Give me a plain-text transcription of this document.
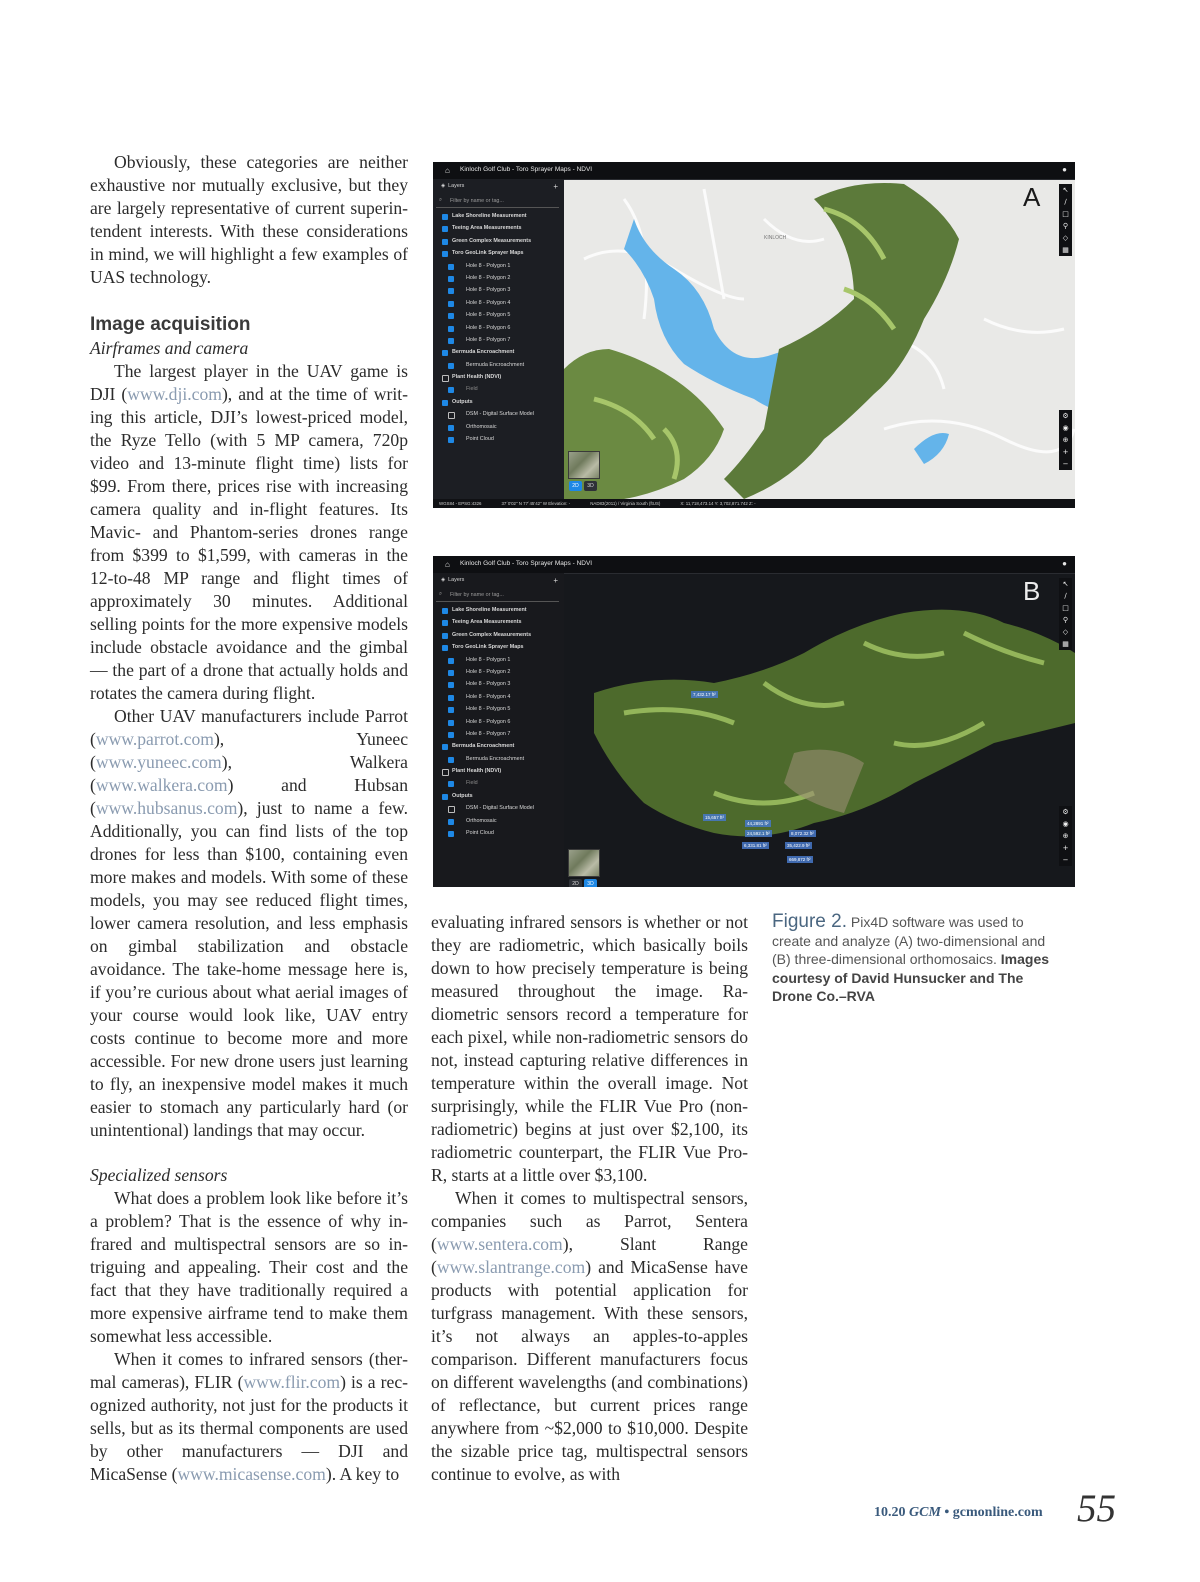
Obviously, these categories are neither exhaustive nor mutually exclusive, but they are largely representative of current superintendent interests. With these considerations in mind, we will highlight a few examples of UAS technology.

Image acquisition

Airframes and camera

The largest player in the UAV game is DJI (www.dji.com), and at the time of writing this article, DJI’s lowest-priced model, the Ryze Tello (with 5 MP camera, 720p video and 13-minute flight time) lists for $99. From there, prices rise with increasing camera quality and in-flight features. Its Mavic- and Phantom-series drones range from $399 to $1,599, with cameras in the 12-to-48 MP range and flight times of approximately 30 minutes. Additional selling points for the more expensive models include obstacle avoidance and the gimbal — the part of a drone that actually holds and rotates the camera during flight.

Other UAV manufacturers include Parrot (www.parrot.com), Yuneec (www.yuneec.com), Walkera (www.walkera.com) and Hubsan (www.hubsanus.com), just to name a few. Additionally, you can find lists of the top drones for less than $100, containing even more makes and models. With some of these models, you may see reduced flight times, lower camera resolution, and less emphasis on gimbal stabilization and obstacle avoidance. The take-home message here is, if you’re curious about what aerial images of your course would look like, UAV entry costs continue to become more and more accessible. For new drone users just learning to fly, an inexpensive model makes it much easier to stomach any particularly hard (or unintentional) landings that may occur.

Specialized sensors

What does a problem look like before it’s a problem? That is the essence of why infrared and multispectral sensors are so intriguing and appealing. Their cost and the fact that they have traditionally required a more expensive airframe tend to make them somewhat less accessible.

When it comes to infrared sensors (thermal cameras), FLIR (www.flir.com) is a recognized authority, not just for the products it sells, but as its thermal components are used by other manufacturers — DJI and MicaSense (www.micasense.com). A key to

evaluating infrared sensors is whether or not they are radiometric, which basically boils down to how precisely temperature is being measured throughout the image. Radiometric sensors record a temperature for each pixel, while non-radiometric sensors do not, instead capturing relative differences in temperature within the overall image. Not surprisingly, while the FLIR Vue Pro (non-radiometric) begins at just over $2,100, its radiometric counterpart, the FLIR Vue Pro-R, starts at a little over $3,100.

When it comes to multispectral sensors, companies such as Parrot, Sentera (www.sentera.com), Slant Range (www.slantrange.com) and MicaSense have products with potential application for turfgrass management. With these sensors, it’s not always an apples-to-apples comparison. Different manufacturers focus on different wavelengths (and combinations) of reflectance, but current prices range anywhere from ~$2,000 to $10,000. Despite the sizable price tag, multispectral sensors continue to evolve, as with

KINLOCH
⌂ Kinloch Golf Club - Toro Sprayer Maps - NDVI	●
◈ Layers	+
⌕ Filter by name or tag...
Lake Shoreline Measurement
Teeing Area Measurements
Green Complex Measurements
Toro GeoLink Sprayer Maps
Hole 8 - Polygon 1
Hole 8 - Polygon 2
Hole 8 - Polygon 3
Hole 8 - Polygon 4
Hole 8 - Polygon 5
Hole 8 - Polygon 6
Hole 8 - Polygon 7
Bermuda Encroachment
Bermuda Encroachment
Plant Health (NDVI)
Field
Outputs
DSM - Digital Surface Model
Orthomosaic
Point Cloud
2D	3D
A	↖
∕
□
⚲
◇
▦
⚙
◉
⊕
+
−
WGS84 - EPSG:4326	37´0'02" N 77´45'42" W Elevation: -	NAD83(2011) / Virginia South (ftUS)	X: 11,718,473.14 Y: 3,702,871.742 Z: -
⌂ Kinloch Golf Club - Toro Sprayer Maps - NDVI	●
◈ Layers	+
⌕ Filter by name or tag...
Lake Shoreline Measurement
Teeing Area Measurements
Green Complex Measurements
Toro GeoLink Sprayer Maps
Hole 8 - Polygon 1
Hole 8 - Polygon 2
Hole 8 - Polygon 3
Hole 8 - Polygon 4
Hole 8 - Polygon 5
Hole 8 - Polygon 6
Hole 8 - Polygon 7
Bermuda Encroachment
Bermuda Encroachment
Plant Health (NDVI)
Field
Outputs
DSM - Digital Surface Model
Orthomosaic
Point Cloud
2D	3D
B
7,432.17 ft²
15,657 ft²
44,2891 ft²
24,592.1 ft²	8,072.32 ft²
6,331.81 ft²	35,422.9 ft²
669,872 ft²
↖
∕
□
⚲
◇
▦
⚙
◉
⊕
+
−
Figure 2. Pix4D software was used to create and analyze (A) two-dimensional and (B) three-dimensional orthomosaics. Images courtesy of David Hunsucker and The Drone Co.–RVA
10.20 GCM • gcmonline.com 55
